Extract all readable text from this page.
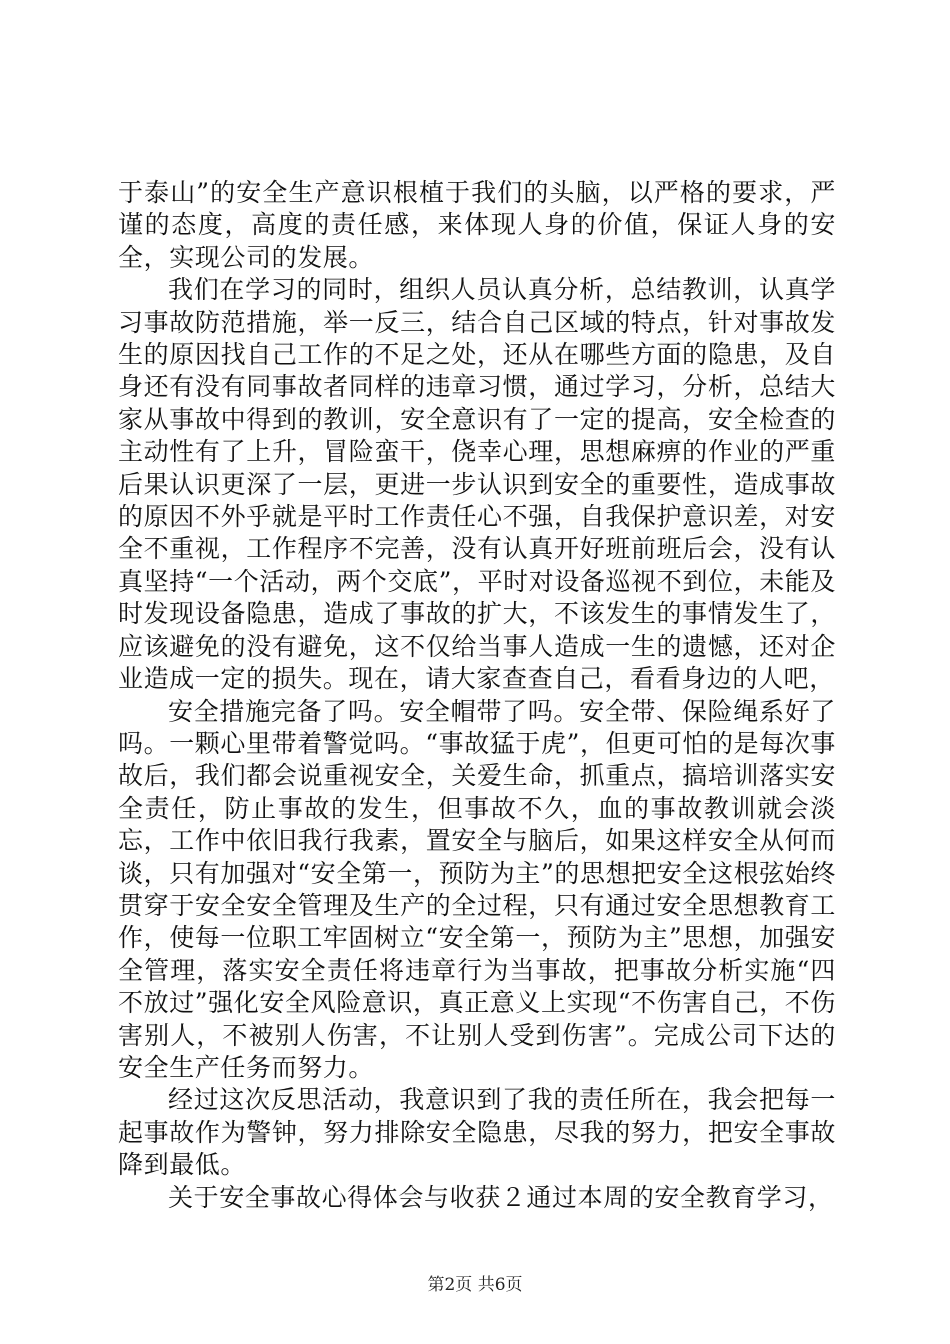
于泰山”的安全生产意识根植于我们的头脑，以严格的要求，严谨的态度，高度的责任感，来体现人身的价值，保证人身的安全，实现公司的发展。

我们在学习的同时，组织人员认真分析，总结教训，认真学习事故防范措施，举一反三，结合自己区域的特点，针对事故发生的原因找自己工作的不足之处，还从在哪些方面的隐患，及自身还有没有同事故者同样的违章习惯，通过学习，分析，总结大家从事故中得到的教训，安全意识有了一定的提高，安全检查的主动性有了上升，冒险蛮干，侥幸心理，思想麻痹的作业的严重后果认识更深了一层，更进一步认识到安全的重要性，造成事故的原因不外乎就是平时工作责任心不强，自我保护意识差，对安全不重视，工作程序不完善，没有认真开好班前班后会，没有认真坚持“一个活动，两个交底”，平时对设备巡视不到位，未能及时发现设备隐患，造成了事故的扩大，不该发生的事情发生了，应该避免的没有避免，这不仅给当事人造成一生的遗憾，还对企业造成一定的损失。现在，请大家查查自己，看看身边的人吧，

安全措施完备了吗。安全帽带了吗。安全带、保险绳系好了吗。一颗心里带着警觉吗。“事故猛于虎”，但更可怕的是每次事故后，我们都会说重视安全，关爱生命，抓重点，搞培训落实安全责任，防止事故的发生，但事故不久，血的事故教训就会淡忘，工作中依旧我行我素，置安全与脑后，如果这样安全从何而谈，只有加强对“安全第一，预防为主”的思想把安全这根弦始终贯穿于安全安全管理及生产的全过程，只有通过安全思想教育工作，使每一位职工牢固树立“安全第一，预防为主”思想，加强安全管理，落实安全责任将违章行为当事故，把事故分析实施“四不放过”强化安全风险意识，真正意义上实现“不伤害自己，不伤害别人，不被别人伤害，不让别人受到伤害”。完成公司下达的安全生产任务而努力。

经过这次反思活动，我意识到了我的责任所在，我会把每一起事故作为警钟，努力排除安全隐患，尽我的努力，把安全事故降到最低。

关于安全事故心得体会与收获２通过本周的安全教育学习，

第2页 共6页
